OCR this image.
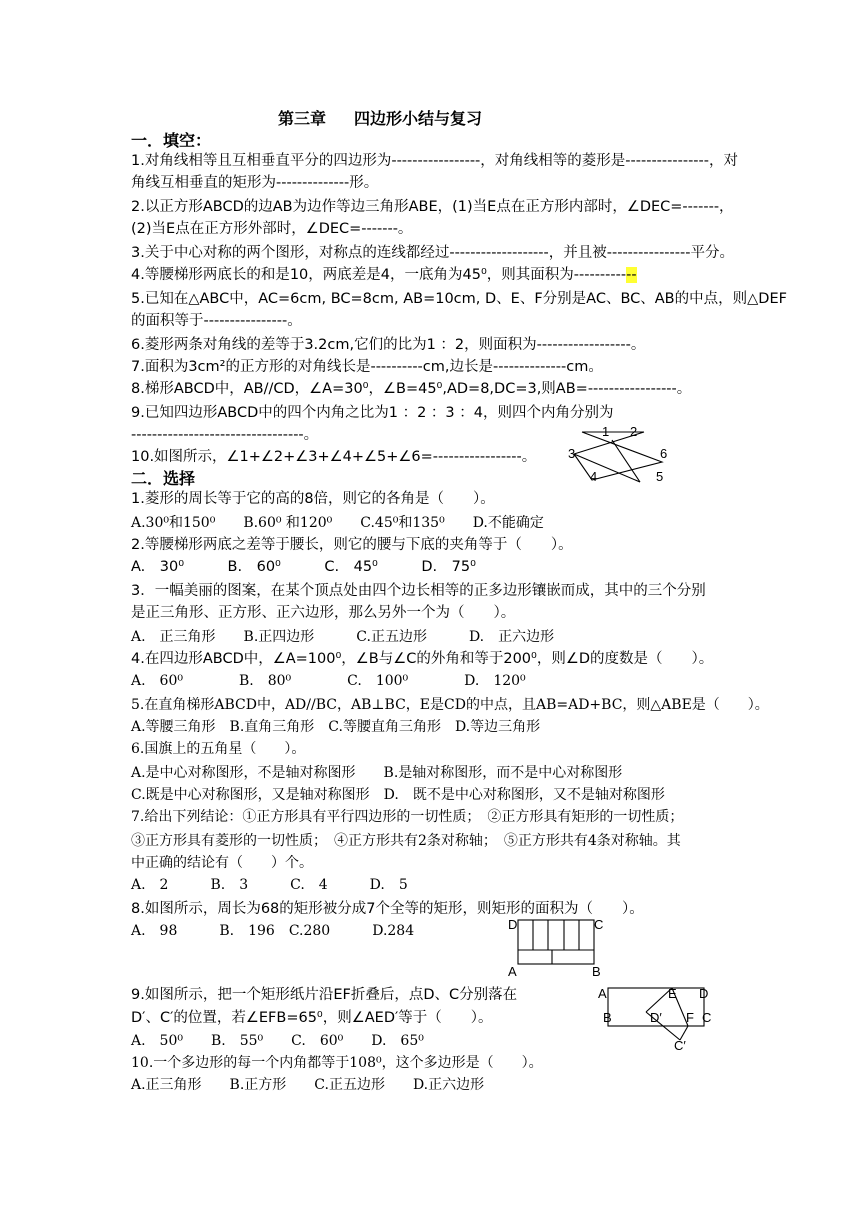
第三章 四边形小结与复习
一．填空：
1.对角线相等且互相垂直平分的四边形为-----------------，对角线相等的菱形是----------------，对
角线互相垂直的矩形为--------------形。
2.以正方形ABCD的边AB为边作等边三角形ABE，(1)当E点在正方形内部时，∠DEC=-------，
(2)当E点在正方形外部时，∠DEC=-------。
3.关于中心对称的两个图形，对称点的连线都经过-------------------，并且被----------------平分。
4.等腰梯形两底长的和是10，两底差是4，一底角为45⁰，则其面积为------------
5.已知在△ABC中，AC=6cm, BC=8cm, AB=10cm, D、E、F分别是AC、BC、AB的中点，则△DEF
的面积等于----------------。
6.菱形两条对角线的差等于3.2cm,它们的比为1 ：2，则面积为------------------。
7.面积为3cm²的正方形的对角线长是----------cm,边长是--------------cm。
8.梯形ABCD中，AB//CD，∠A=30⁰，∠B=45⁰,AD=8,DC=3,则AB=-----------------。
9.已知四边形ABCD中的四个内角之比为1 ：2 ：3 ：4，则四个内角分别为
---------------------------------。
10.如图所示，∠1+∠2+∠3+∠4+∠5+∠6=-----------------。
1 2
3	6
4	5
二．选择
1.菱形的周长等于它的高的8倍，则它的各角是（　　）。
A.30⁰和150⁰　　B.60⁰ 和120⁰　　C.45⁰和135⁰　　D.不能确定
2.等腰梯形两底之差等于腰长，则它的腰与下底的夹角等于（　　）。
A.　30⁰　　　B.　60⁰　　　C.　45⁰　　　D.　75⁰
3．一幅美丽的图案，在某个顶点处由四个边长相等的正多边形镶嵌而成，其中的三个分别
是正三角形、正方形、正六边形，那么另外一个为（　　）。
A.　正三角形　　B.正四边形　　　C.正五边形　　　D.　正六边形
4.在四边形ABCD中，∠A=100⁰，∠B与∠C的外角和等于200⁰，则∠D的度数是（　　）。
A.　60⁰　　　　B.　80⁰　　　　C.　100⁰　　　　D.　120⁰
5.在直角梯形ABCD中，AD//BC，AB⊥BC，E是CD的中点，且AB=AD+BC，则△ABE是（　　）。
A.等腰三角形　B.直角三角形　C.等腰直角三角形　D.等边三角形
6.国旗上的五角星（　　）。
A.是中心对称图形，不是轴对称图形　　B.是轴对称图形，而不是中心对称图形
C.既是中心对称图形，又是轴对称图形　D.　既不是中心对称图形，又不是轴对称图形
7.给出下列结论：①正方形具有平行四边形的一切性质；　②正方形具有矩形的一切性质；
③正方形具有菱形的一切性质；　④正方形共有2条对称轴；　⑤正方形共有4条对称轴。其
中正确的结论有（　　）个。
A.　2　　　B.　3　　　C.　4　　　D.　5
8.如图所示，周长为68的矩形被分成7个全等的矩形，则矩形的面积为（　　）。
A.　98　　　B.　196　C.280　　　D.284	D	C
A	B
9.如图所示，把一个矩形纸片沿EF折叠后，点D、C分别落在
D′、C′的位置，若∠EFB=65⁰，则∠AED′等于（　　）。
A.　50⁰　　B.　55⁰　　C.　60⁰　　D.　65⁰
A	E D
B	D′ F C
C′
10.一个多边形的每一个内角都等于108⁰，这个多边形是（　　）。
A.正三角形　　B.正方形　　C.正五边形　　D.正六边形
